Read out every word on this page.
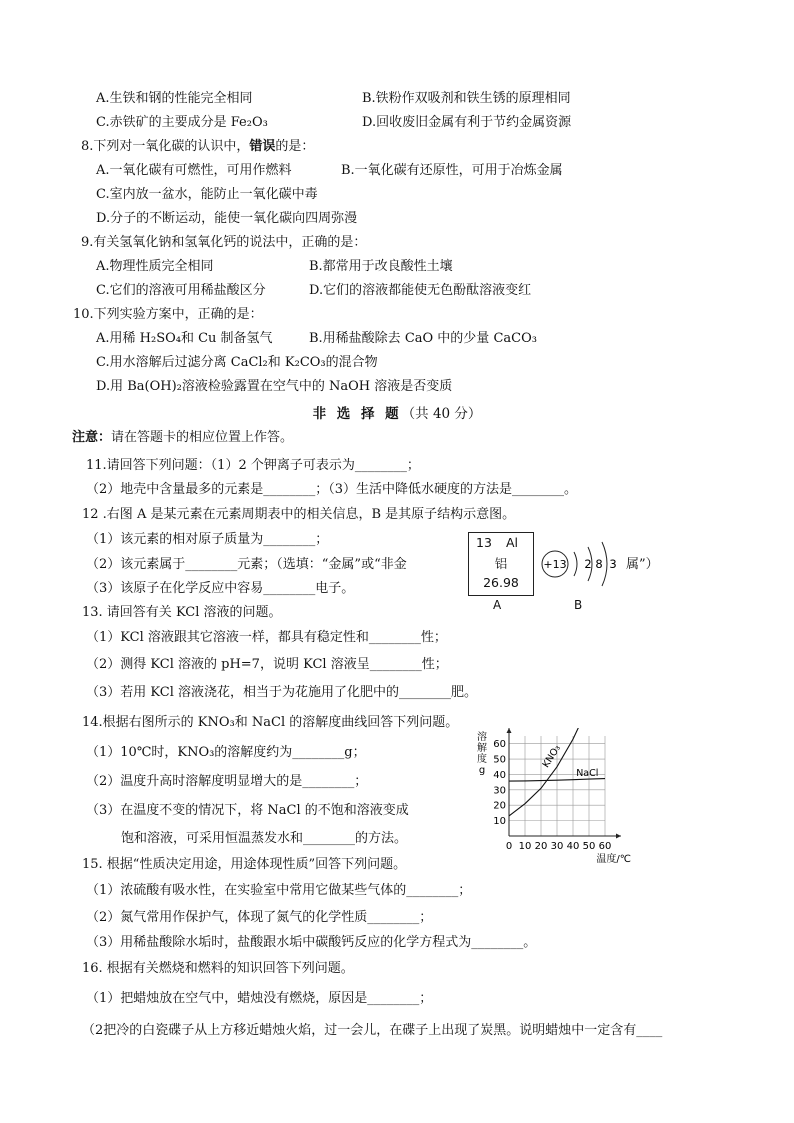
A.生铁和钢的性能完全相同	B.铁粉作双吸剂和铁生锈的原理相同
C.赤铁矿的主要成分是 Fe₂O₃	D.回收废旧金属有利于节约金属资源
8.下列对一氧化碳的认识中，错误的是：
A.一氧化碳有可燃性，可用作燃料	B.一氧化碳有还原性，可用于冶炼金属
C.室内放一盆水，能防止一氧化碳中毒
D.分子的不断运动，能使一氧化碳向四周弥漫
9.有关氢氧化钠和氢氧化钙的说法中，正确的是：
A.物理性质完全相同	B.都常用于改良酸性土壤
C.它们的溶液可用稀盐酸区分	D.它们的溶液都能使无色酚酞溶液变红
10.下列实验方案中，正确的是：
A.用稀 H₂SO₄和 Cu 制备氢气	B.用稀盐酸除去 CaO 中的少量 CaCO₃
C.用水溶解后过滤分离 CaCl₂和 K₂CO₃的混合物
D.用 Ba(OH)₂溶液检验露置在空气中的 NaOH 溶液是否变质
非 选 择 题（共 40 分）
注意：请在答题卡的相应位置上作答。
11.请回答下列问题：（1）2 个钾离子可表示为________；
（2）地壳中含量最多的元素是________；（3）生活中降低水硬度的方法是________。
12 .右图 A 是某元素在元素周期表中的相关信息，B 是其原子结构示意图。
（1）该元素的相对原子质量为________；
（2）该元素属于________元素；（选填：“金属”或“非金	属”）
（3）该原子在化学反应中容易________电子。
13 Al
铝
26.98
A
+13 2 8 3
B
13. 请回答有关 KCl 溶液的问题。
（1）KCl 溶液跟其它溶液一样，都具有稳定性和________性；
（2）测得 KCl 溶液的 pH=7，说明 KCl 溶液呈________性；
（3）若用 KCl 溶液浇花，相当于为花施用了化肥中的________肥。
14.根据右图所示的 KNO₃和 NaCl 的溶解度曲线回答下列问题。
（1）10℃时，KNO₃的溶解度约为________g；
（2）温度升高时溶解度明显增大的是________；
（3）在温度不变的情况下，将 NaCl 的不饱和溶液变成
饱和溶液，可采用恒温蒸发水和________的方法。
溶解度 g
0 10 20 30 40 50 60
10
20
30
40
50
60
温度/℃
KNO₃
NaCl
15. 根据“性质决定用途，用途体现性质”回答下列问题。
（1）浓硫酸有吸水性，在实验室中常用它做某些气体的________；
（2）氮气常用作保护气，体现了氮气的化学性质________；
（3）用稀盐酸除水垢时，盐酸跟水垢中碳酸钙反应的化学方程式为________。
16. 根据有关燃烧和燃料的知识回答下列问题。
（1）把蜡烛放在空气中，蜡烛没有燃烧，原因是________；
（2把冷的白瓷碟子从上方移近蜡烛火焰，过一会儿，在碟子上出现了炭黑。说明蜡烛中一定含有____
